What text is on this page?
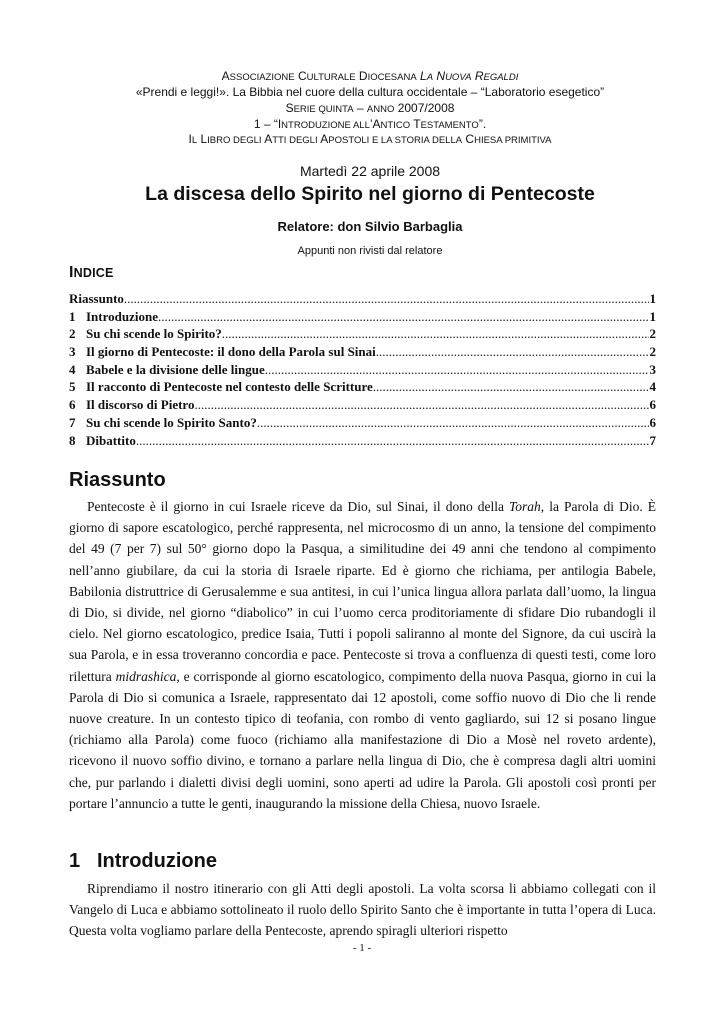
ASSOCIAZIONE CULTURALE DIOCESANA LA NUOVA REGALDI
«Prendi e leggi!». La Bibbia nel cuore della cultura occidentale – “Laboratorio esegetico”
SERIE QUINTA – ANNO 2007/2008
1 – “INTRODUZIONE ALL’ANTICO TESTAMENTO”.
IL LIBRO DEGLI ATTI DEGLI APOSTOLI E LA STORIA DELLA CHIESA PRIMITIVA
Martedì 22 aprile 2008
La discesa dello Spirito nel giorno di Pentecoste
Relatore: don Silvio Barbaglia
Appunti non rivisti dal relatore
INDICE
Riassunto .....	1
1 Introduzione .....	1
2 Su chi scende lo Spirito? .....	2
3 Il giorno di Pentecoste: il dono della Parola sul Sinai .....	2
4 Babele e la divisione delle lingue .....	3
5 Il racconto di Pentecoste nel contesto delle Scritture .....	4
6 Il discorso di Pietro .....	6
7 Su chi scende lo Spirito Santo? .....	6
8 Dibattito .....	7
Riassunto

Pentecoste è il giorno in cui Israele riceve da Dio, sul Sinai, il dono della Torah, la Parola di Dio. È giorno di sapore escatologico, perché rappresenta, nel microcosmo di un anno, la tensione del compimento del 49 (7 per 7) sul 50° giorno dopo la Pasqua, a similitudine dei 49 anni che tendono al compimento nell’anno giubilare, da cui la storia di Israele riparte. Ed è giorno che richiama, per antilogia Babele, Babilonia distruttrice di Gerusalemme e sua antitesi, in cui l’unica lingua allora parlata dall’uomo, la lingua di Dio, si divide, nel giorno “diabolico” in cui l’uomo cerca proditoriamente di sfidare Dio rubandogli il cielo. Nel giorno escatologico, predice Isaia, Tutti i popoli saliranno al monte del Signore, da cui uscirà la sua Parola, e in essa troveranno concordia e pace. Pentecoste si trova a confluenza di questi testi, come loro rilettura midrashica, e corrisponde al giorno escatologico, compimento della nuova Pasqua, giorno in cui la Parola di Dio si comunica a Israele, rappresentato dai 12 apostoli, come soffio nuovo di Dio che li rende nuove creature. In un contesto tipico di teofania, con rombo di vento gagliardo, sui 12 si posano lingue (richiamo alla Parola) come fuoco (richiamo alla manifestazione di Dio a Mosè nel roveto ardente), ricevono il nuovo soffio divino, e tornano a parlare nella lingua di Dio, che è compresa dagli altri uomini che, pur parlando i dialetti divisi degli uomini, sono aperti ad udire la Parola. Gli apostoli così pronti per portare l’annuncio a tutte le genti, inaugurando la missione della Chiesa, nuovo Israele.

1 Introduzione

Riprendiamo il nostro itinerario con gli Atti degli apostoli. La volta scorsa li abbiamo collegati con il Vangelo di Luca e abbiamo sottolineato il ruolo dello Spirito Santo che è importante in tutta l’opera di Luca. Questa volta vogliamo parlare della Pentecoste, aprendo spiragli ulteriori rispetto

- 1 -
